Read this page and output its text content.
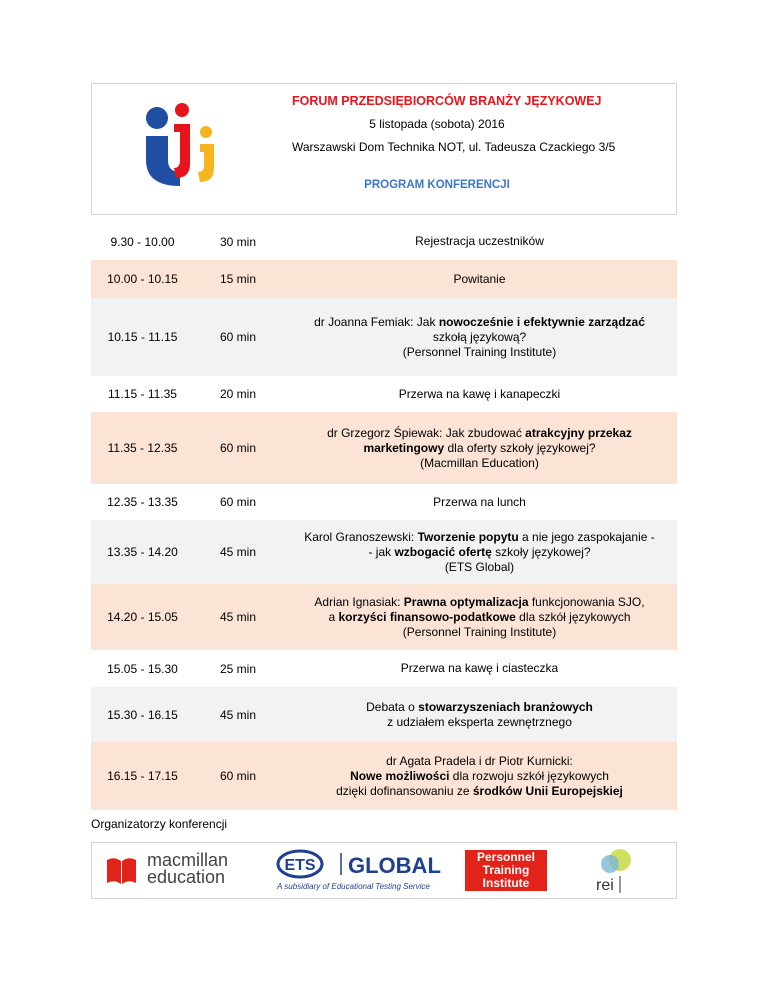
FORUM PRZEDSIĘBIORCÓW BRANŻY JĘZYKOWEJ
5 listopada (sobota) 2016
Warszawski Dom Technika NOT, ul. Tadeusza Czackiego 3/5
PROGRAM KONFERENCJI
9.30 - 10.00	30 min	Rejestracja uczestników
10.00 - 10.15	15 min	Powitanie
10.15 - 11.15	60 min
dr Joanna Femiak: Jak nowocześnie i efektywnie zarządzać
szkołą językową?
(Personnel Training Institute)
11.15 - 11.35	20 min	Przerwa na kawę i kanapeczki
11.35 - 12.35	60 min
dr Grzegorz Śpiewak: Jak zbudować atrakcyjny przekaz
marketingowy dla oferty szkoły językowej?
(Macmillan Education)
12.35 - 13.35	60 min	Przerwa na lunch
13.35 - 14.20	45 min
Karol Granoszewski: Tworzenie popytu a nie jego zaspokajanie -
- jak wzbogacić ofertę szkoły językowej?
(ETS Global)
14.20 - 15.05	45 min
Adrian Ignasiak: Prawna optymalizacja funkcjonowania SJO,
a korzyści finansowo-podatkowe dla szkół językowych
(Personnel Training Institute)
15.05 - 15.30	25 min	Przerwa na kawę i ciasteczka
15.30 - 16.15	45 min
Debata o stowarzyszeniach branżowych
z udziałem eksperta zewnętrznego
16.15 - 17.15	60 min
dr Agata Pradela i dr Piotr Kurnicki:
Nowe możliwości dla rozwoju szkół językowych
dzięki dofinansowaniu ze środków Unii Europejskiej
Organizatorzy konferencji
macmillan
education
ETS GLOBAL
A subsidiary of Educational Testing Service
Personnel
Training
Institute	rei
